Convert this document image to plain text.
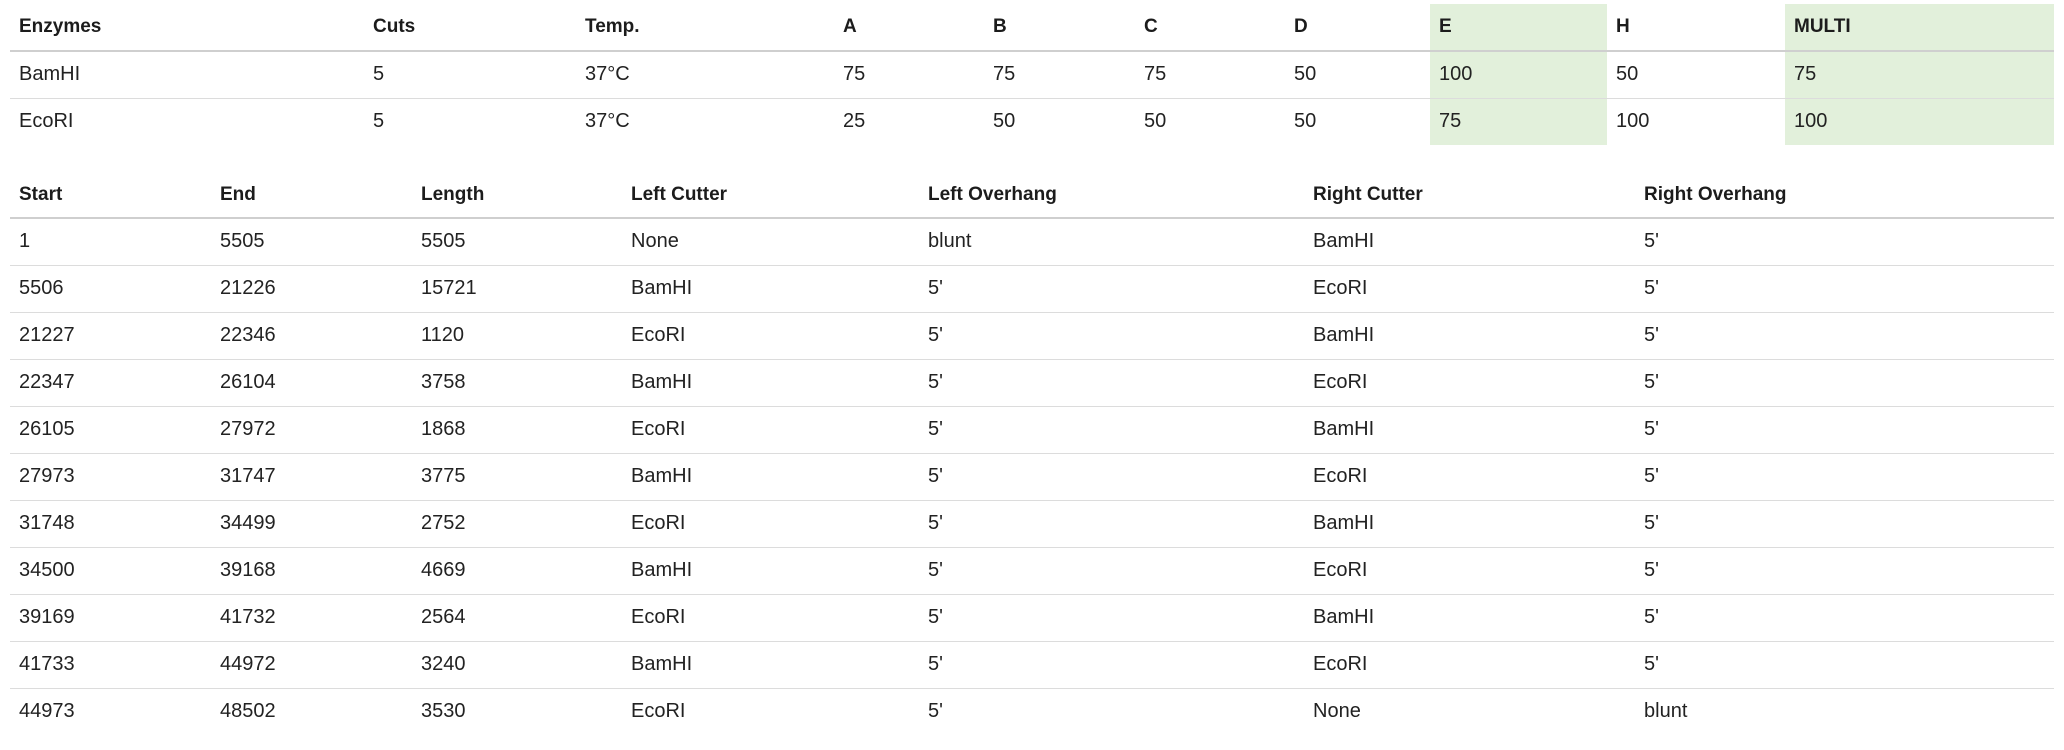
Enzymes	Cuts	Temp.	A	B	C	D	E	H	MULTI
BamHI	5	37°C	75	75	75	50	100	50	75
EcoRI	5	37°C	25	50	50	50	75	100	100
Start	End	Length	Left Cutter	Left Overhang	Right Cutter	Right Overhang
1	5505	5505	None	blunt	BamHI	5'
5506	21226	15721	BamHI	5'	EcoRI	5'
21227	22346	1120	EcoRI	5'	BamHI	5'
22347	26104	3758	BamHI	5'	EcoRI	5'
26105	27972	1868	EcoRI	5'	BamHI	5'
27973	31747	3775	BamHI	5'	EcoRI	5'
31748	34499	2752	EcoRI	5'	BamHI	5'
34500	39168	4669	BamHI	5'	EcoRI	5'
39169	41732	2564	EcoRI	5'	BamHI	5'
41733	44972	3240	BamHI	5'	EcoRI	5'
44973	48502	3530	EcoRI	5'	None	blunt
